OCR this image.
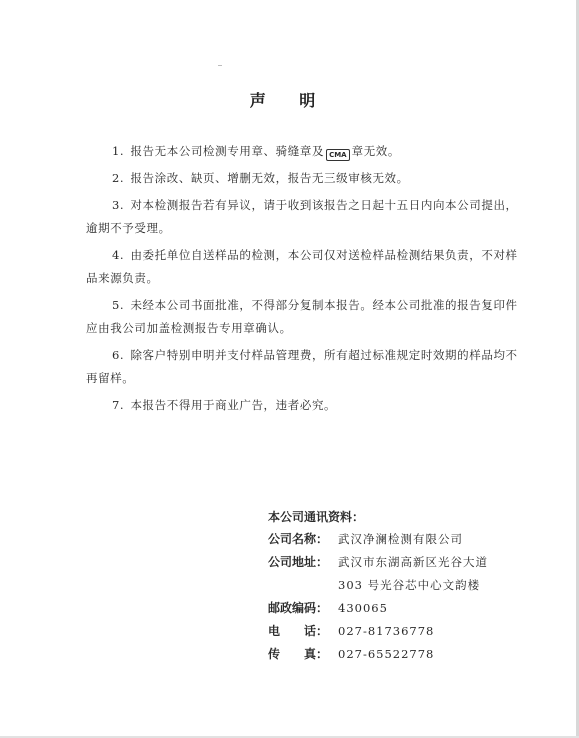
声 明

1. 报告无本公司检测专用章、骑缝章及 CMA 章无效。

2. 报告涂改、缺页、增删无效，报告无三级审核无效。

3. 对本检测报告若有异议，请于收到该报告之日起十五日内向本公司提出，逾期不予受理。

4. 由委托单位自送样品的检测，本公司仅对送检样品检测结果负责，不对样品来源负责。

5. 未经本公司书面批准，不得部分复制本报告。经本公司批准的报告复印件应由我公司加盖检测报告专用章确认。

6. 除客户特别申明并支付样品管理费，所有超过标准规定时效期的样品均不再留样。

7. 本报告不得用于商业广告，违者必究。

本公司通讯资料：
公司名称： 武汉净澜检测有限公司
公司地址： 武汉市东湖高新区光谷大道
303 号光谷芯中心文韵楼
邮政编码： 430065
电 话： 027-81736778
传 真： 027-65522778
